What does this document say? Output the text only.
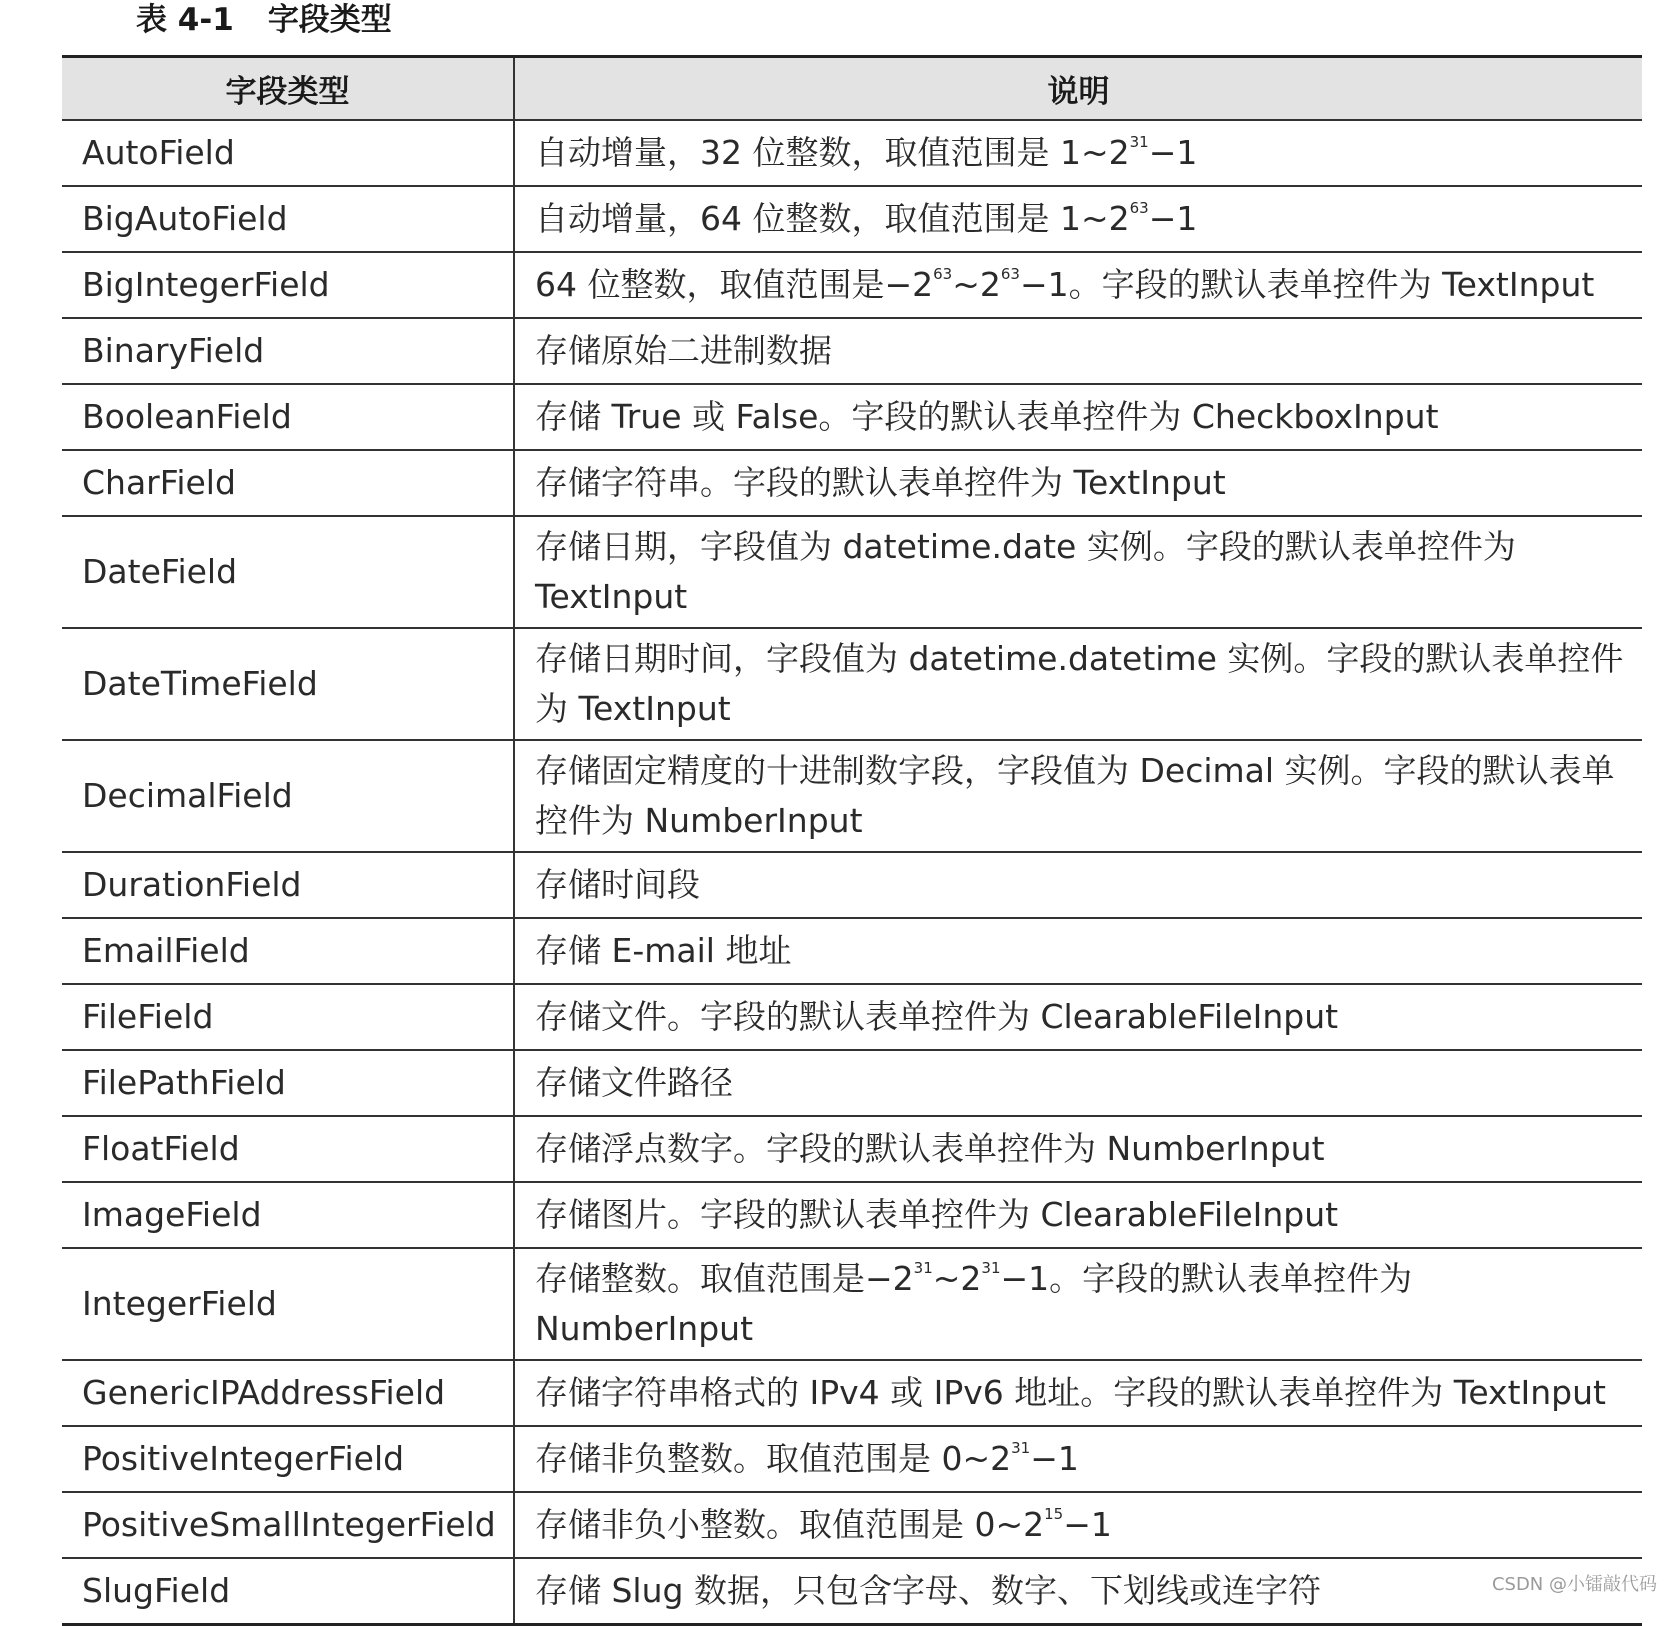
表 4-1 字段类型
字段类型	说明
AutoField	自动增量，32 位整数，取值范围是 $1\sim 2^{31}-1$
BigAutoField	自动增量，64 位整数，取值范围是 $1\sim 2^{63}-1$
BigIntegerField	64 位整数，取值范围是$-2^{63}\sim 2^{63}-1$。字段的默认表单控件为 TextInput
BinaryField	存储原始二进制数据
BooleanField	存储 True 或 False。字段的默认表单控件为 CheckboxInput
CharField	存储字符串。字段的默认表单控件为 TextInput
DateField	存储日期，字段值为 datetime.date 实例。字段的默认表单控件为 TextInput
DateTimeField	存储日期时间，字段值为 datetime.datetime 实例。字段的默认表单控件为 TextInput
DecimalField	存储固定精度的十进制数字段，字段值为 Decimal 实例。字段的默认表单控件为 NumberInput
DurationField	存储时间段
EmailField	存储 E-mail 地址
FileField	存储文件。字段的默认表单控件为 ClearableFileInput
FilePathField	存储文件路径
FloatField	存储浮点数字。字段的默认表单控件为 NumberInput
ImageField	存储图片。字段的默认表单控件为 ClearableFileInput
IntegerField	存储整数。取值范围是$-2^{31}\sim 2^{31}-1$。字段的默认表单控件为 NumberInput
GenericIPAddressField	存储字符串格式的 IPv4 或 IPv6 地址。字段的默认表单控件为 TextInput
PositiveIntegerField	存储非负整数。取值范围是 $0\sim 2^{31}-1$
PositiveSmallIntegerField	存储非负小整数。取值范围是 $0\sim 2^{15}-1$
SlugField	存储 Slug 数据，只包含字母、数字、下划线或连字符	CSDN @小镭敲代码
